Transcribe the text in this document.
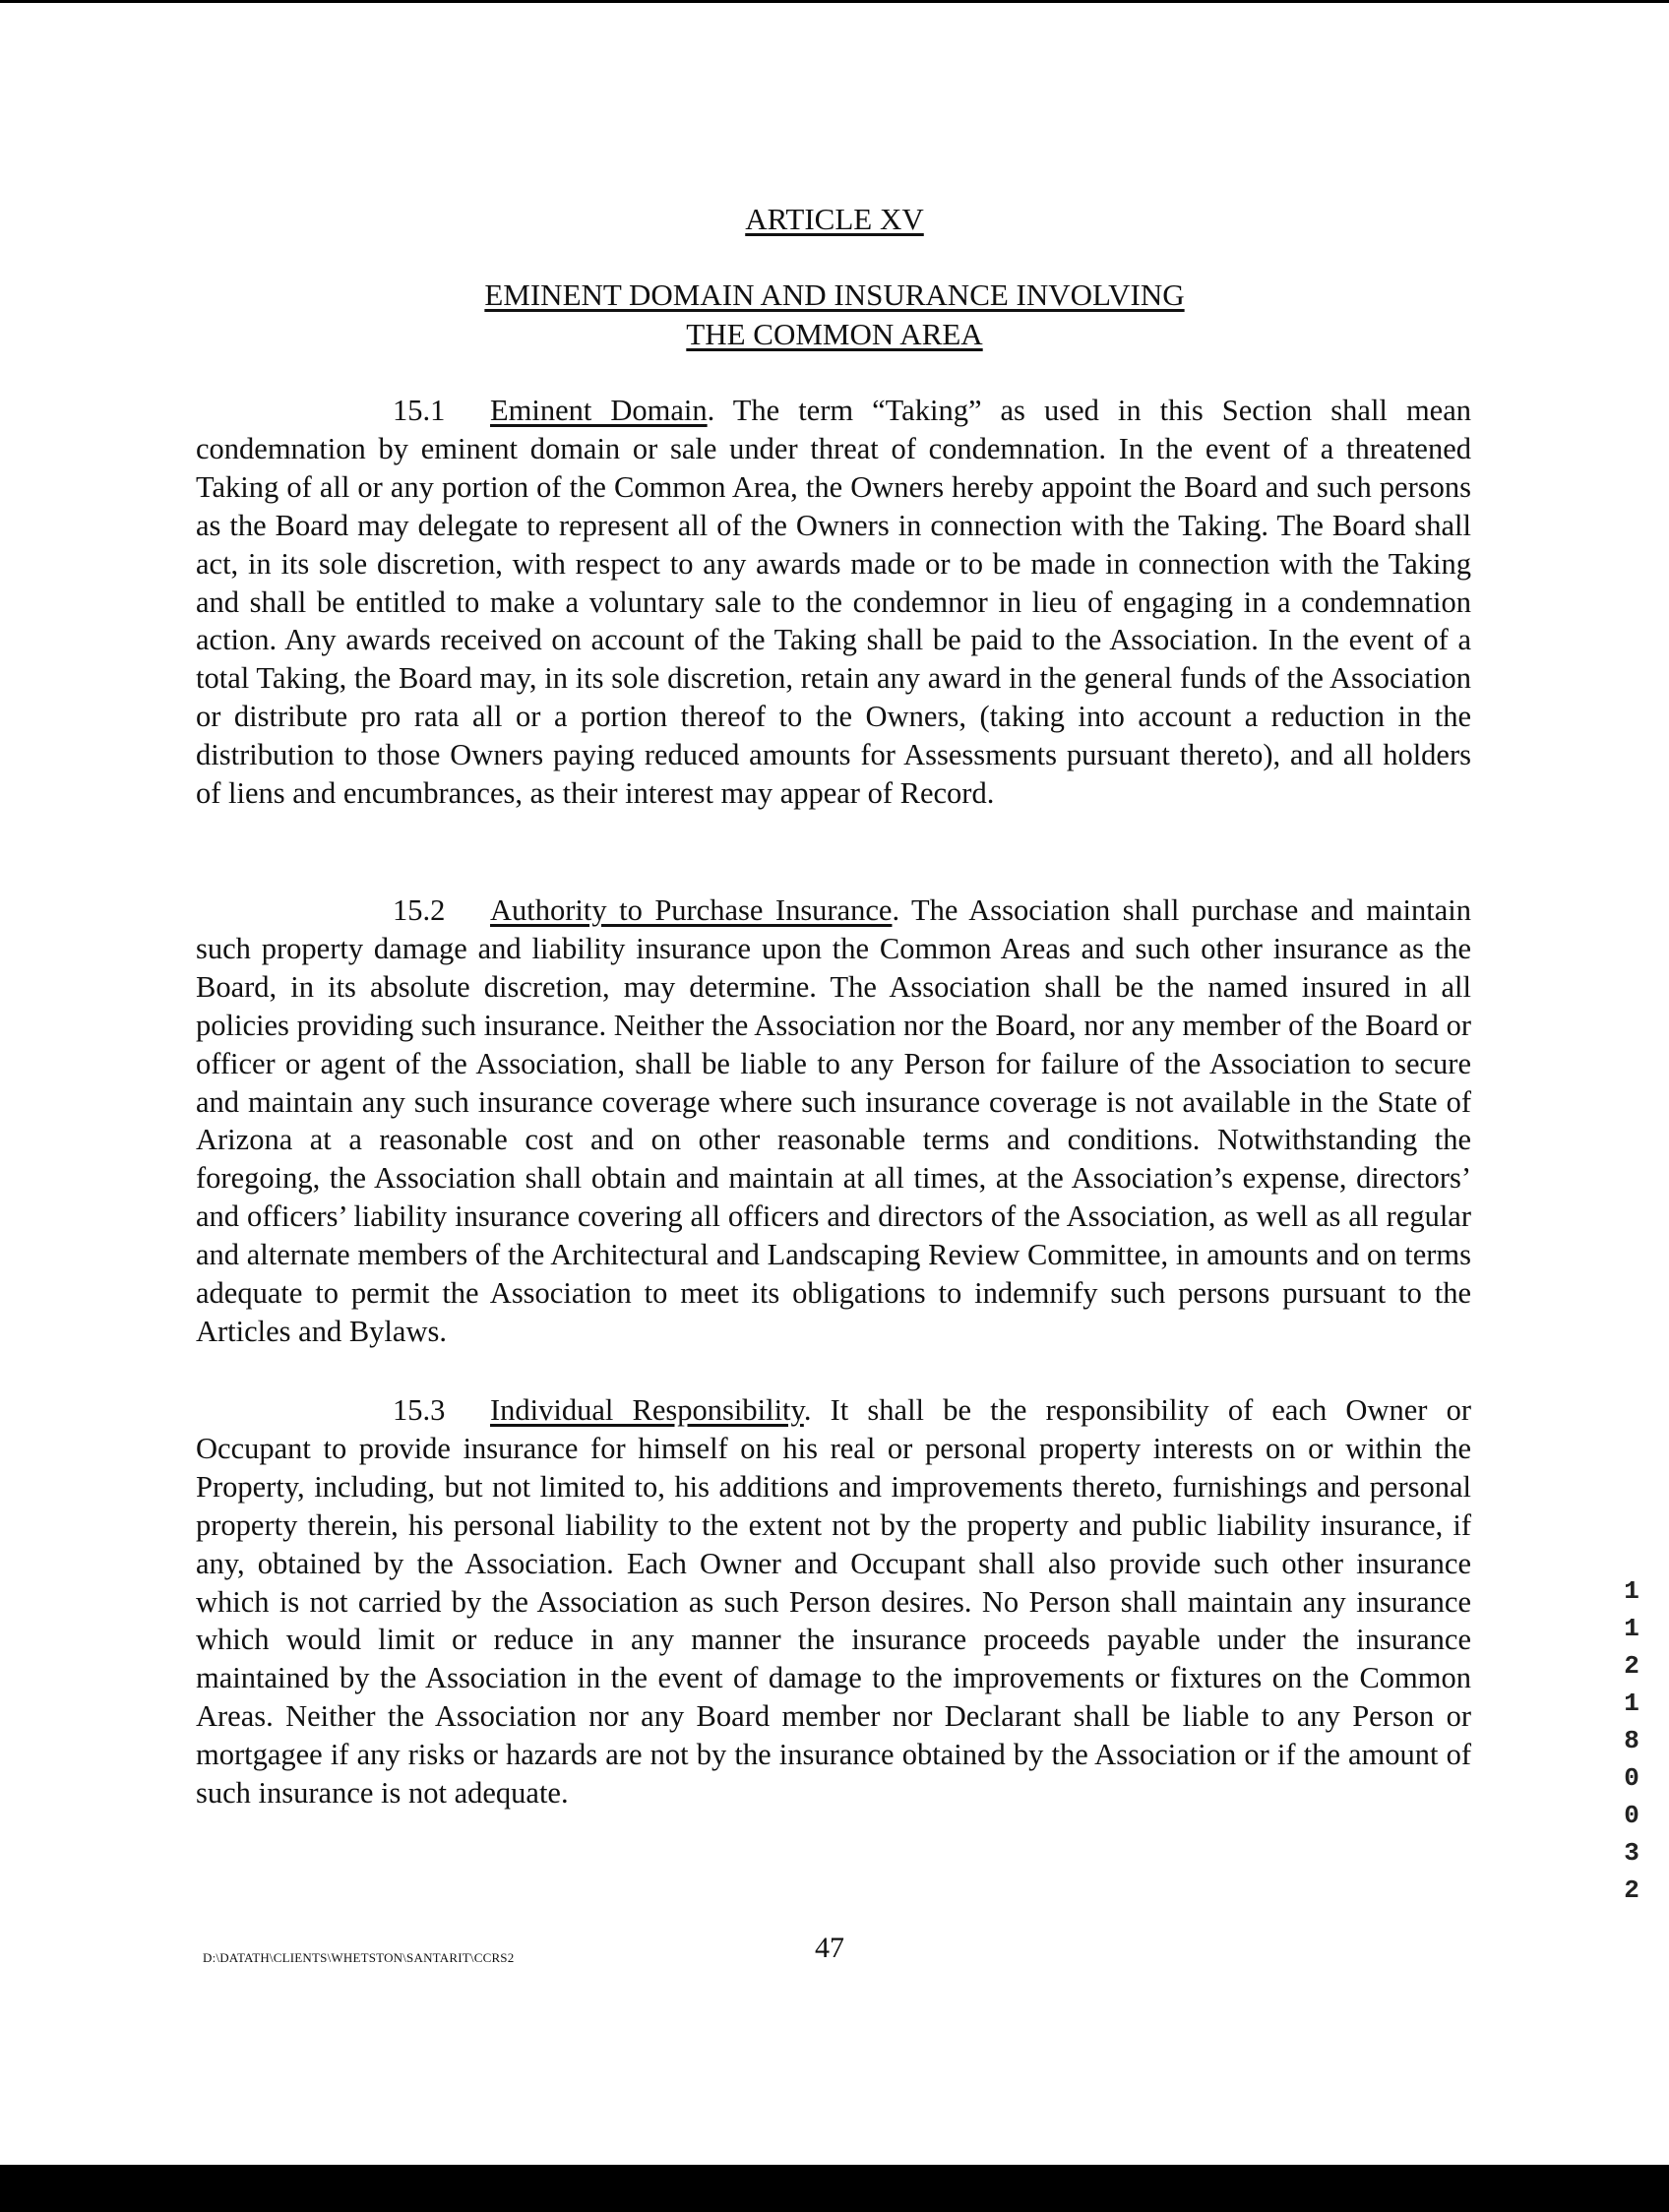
ARTICLE XV
EMINENT DOMAIN AND INSURANCE INVOLVING
THE COMMON AREA

15.1 Eminent Domain. The term “Taking” as used in this Section shall mean condemnation by eminent domain or sale under threat of condemnation. In the event of a threatened Taking of all or any portion of the Common Area, the Owners hereby appoint the Board and such persons as the Board may delegate to represent all of the Owners in connection with the Taking. The Board shall act, in its sole discretion, with respect to any awards made or to be made in connection with the Taking and shall be entitled to make a voluntary sale to the condemnor in lieu of engaging in a condemnation action. Any awards received on account of the Taking shall be paid to the Association. In the event of a total Taking, the Board may, in its sole discretion, retain any award in the general funds of the Association or distribute pro rata all or a portion thereof to the Owners, (taking into account a reduction in the distribution to those Owners paying reduced amounts for Assessments pursuant thereto), and all holders of liens and encumbrances, as their interest may appear of Record.

15.2 Authority to Purchase Insurance. The Association shall purchase and maintain such property damage and liability insurance upon the Common Areas and such other insurance as the Board, in its absolute discretion, may determine. The Association shall be the named insured in all policies providing such insurance. Neither the Association nor the Board, nor any member of the Board or officer or agent of the Association, shall be liable to any Person for failure of the Association to secure and maintain any such insurance coverage where such insurance coverage is not available in the State of Arizona at a reasonable cost and on other reasonable terms and conditions. Notwithstanding the foregoing, the Association shall obtain and maintain at all times, at the Association’s expense, directors’ and officers’ liability insurance covering all officers and directors of the Association, as well as all regular and alternate members of the Architectural and Landscaping Review Committee, in amounts and on terms adequate to permit the Association to meet its obligations to indemnify such persons pursuant to the Articles and Bylaws.

15.3 Individual Responsibility. It shall be the responsibility of each Owner or Occupant to provide insurance for himself on his real or personal property interests on or within the Property, including, but not limited to, his additions and improvements thereto, furnishings and personal property therein, his personal liability to the extent not by the property and public liability insurance, if any, obtained by the Association. Each Owner and Occupant shall also provide such other insurance which is not carried by the Association as such Person desires. No Person shall maintain any insurance which would limit or reduce in any manner the insurance proceeds payable under the insurance maintained by the Association in the event of damage to the improvements or fixtures on the Common Areas. Neither the Association nor any Board member nor Declarant shall be liable to any Person or mortgagee if any risks or hazards are not by the insurance obtained by the Association or if the amount of such insurance is not adequate.

1
1
2
1
8
0
0
3
2
D:\DATATH\CLIENTS\WHETSTON\SANTARIT\CCRS2	47
